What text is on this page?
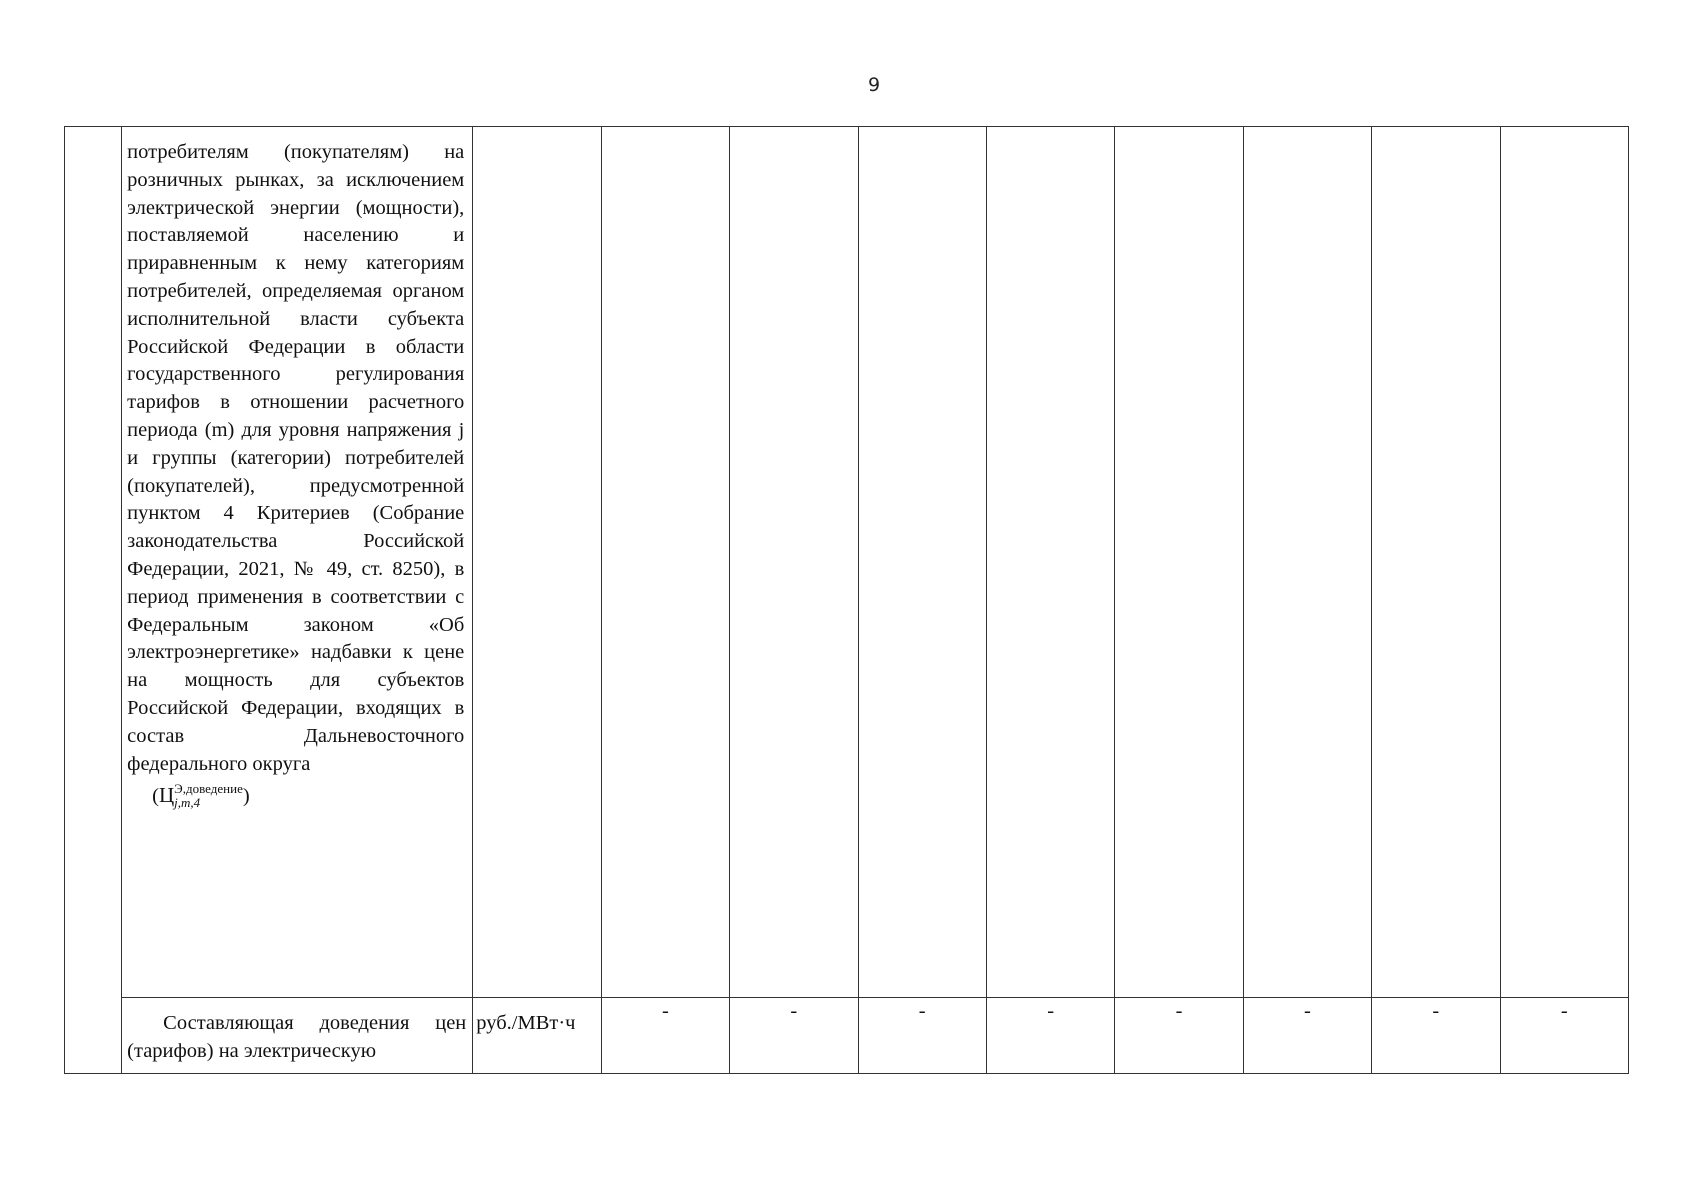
9

	потребителям (покупателям) на розничных рынках, за исключением электрической энергии (мощности), поставляемой населению и приравненным к нему категориям потребителей, определяемая органом исполнительной власти субъекта Российской Федерации в области государственного регулирования тарифов в отношении расчетного периода (m) для уровня напряжения j и группы (категории) потребителей (покупателей), предусмотренной пунктом 4 Критериев (Собрание законодательства Российской Федерации, 2021, № 49, ст. 8250), в период применения в соответствии с Федеральным законом «Об электроэнергетике» надбавки к цене на мощность для субъектов Российской Федерации, входящих в состав Дальневосточного федерального округа
(Ц Э,доведение
j,m,4 )									

	Составляющая доведения цен (тарифов) на электрическую	руб./МВт·ч	-	-	-	-	-	-	-	-
